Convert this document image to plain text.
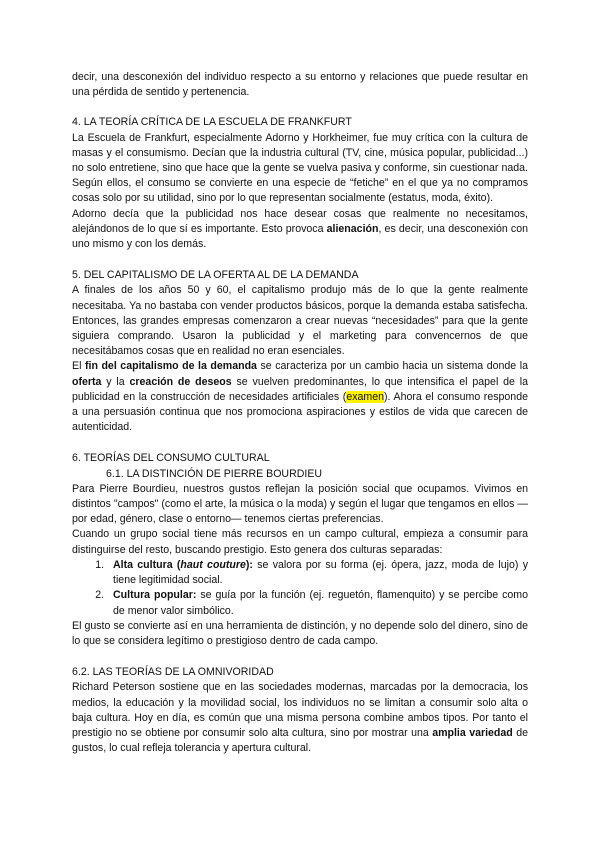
decir, una desconexión del individuo respecto a su entorno y relaciones que puede resultar en una pérdida de sentido y pertenencia.

4. LA TEORÍA CRÍTICA DE LA ESCUELA DE FRANKFURT

La Escuela de Frankfurt, especialmente Adorno y Horkheimer, fue muy crítica con la cultura de masas y el consumismo. Decían que la industria cultural (TV, cine, música popular, publicidad...) no solo entretiene, sino que hace que la gente se vuelva pasiva y conforme, sin cuestionar nada. Según ellos, el consumo se convierte en una especie de “fetiche” en el que ya no compramos cosas solo por su utilidad, sino por lo que representan socialmente (estatus, moda, éxito).

Adorno decía que la publicidad nos hace desear cosas que realmente no necesitamos, alejándonos de lo que sí es importante. Esto provoca alienación, es decir, una desconexión con uno mismo y con los demás.

5. DEL CAPITALISMO DE LA OFERTA AL DE LA DEMANDA

A finales de los años 50 y 60, el capitalismo produjo más de lo que la gente realmente necesitaba. Ya no bastaba con vender productos básicos, porque la demanda estaba satisfecha. Entonces, las grandes empresas comenzaron a crear nuevas “necesidades” para que la gente siguiera comprando. Usaron la publicidad y el marketing para convencernos de que necesitábamos cosas que en realidad no eran esenciales.

El fin del capitalismo de la demanda se caracteriza por un cambio hacia un sistema donde la oferta y la creación de deseos se vuelven predominantes, lo que intensifica el papel de la publicidad en la construcción de necesidades artificiales (examen). Ahora el consumo responde a una persuasión continua que nos promociona aspiraciones y estilos de vida que carecen de autenticidad.

6. TEORÍAS DEL CONSUMO CULTURAL

6.1. LA DISTINCIÓN DE PIERRE BOURDIEU

Para Pierre Bourdieu, nuestros gustos reflejan la posición social que ocupamos. Vivimos en distintos "campos" (como el arte, la música o la moda) y según el lugar que tengamos en ellos —por edad, género, clase o entorno— tenemos ciertas preferencias.

Cuando un grupo social tiene más recursos en un campo cultural, empieza a consumir para distinguirse del resto, buscando prestigio. Esto genera dos culturas separadas:

1. Alta cultura (haut couture): se valora por su forma (ej. ópera, jazz, moda de lujo) y tiene legitimidad social.
2. Cultura popular: se guía por la función (ej. reguetón, flamenquito) y se percibe como de menor valor simbólico.

El gusto se convierte así en una herramienta de distinción, y no depende solo del dinero, sino de lo que se considera legítimo o prestigioso dentro de cada campo.

6.2. LAS TEORÍAS DE LA OMNIVORIDAD

Richard Peterson sostiene que en las sociedades modernas, marcadas por la democracia, los medios, la educación y la movilidad social, los individuos no se limitan a consumir solo alta o baja cultura. Hoy en día, es común que una misma persona combine ambos tipos. Por tanto el prestigio no se obtiene por consumir solo alta cultura, sino por mostrar una amplia variedad de gustos, lo cual refleja tolerancia y apertura cultural.
